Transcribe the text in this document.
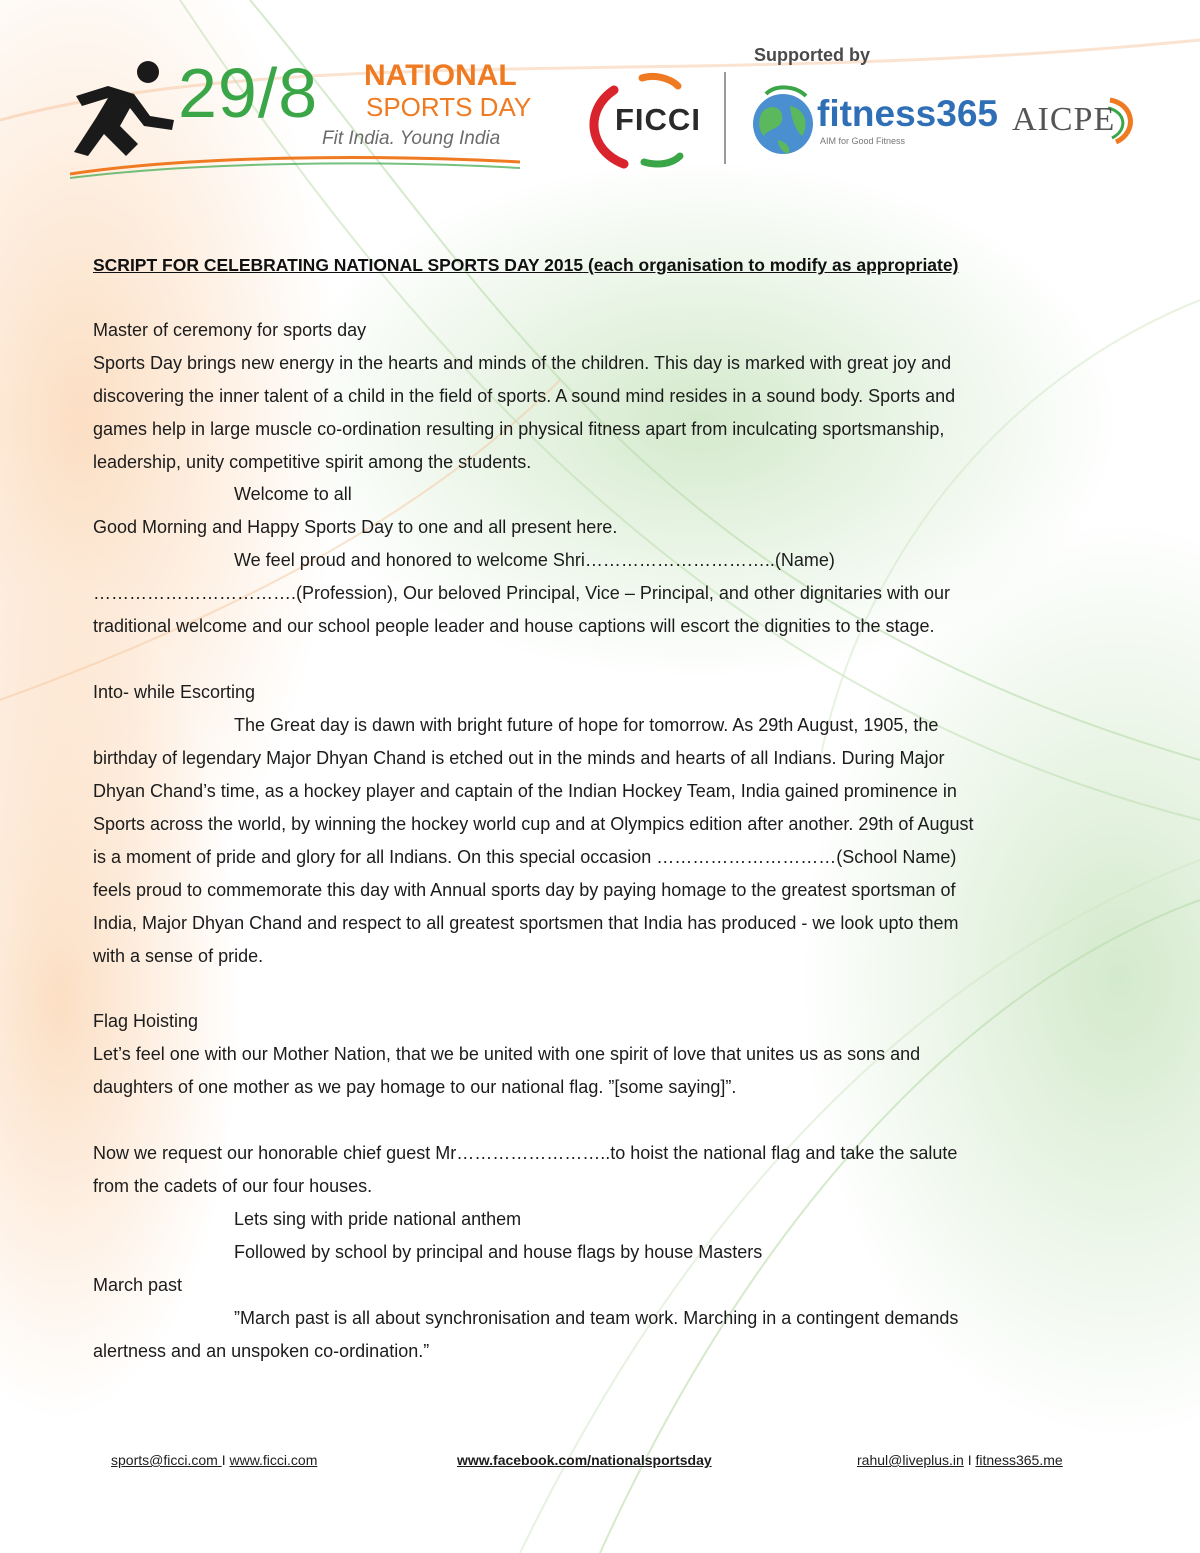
29/8 NATIONAL
SPORTS DAY
Fit India. Young India
Supported by
FICCI	fitness365
AIM for Good Fitness
AICPE
SCRIPT FOR CELEBRATING NATIONAL SPORTS DAY 2015 (each organisation to modify as appropriate)
Master of ceremony for sports day
Sports Day brings new energy in the hearts and minds of the children. This day is marked with great joy and
discovering the inner talent of a child in the field of sports. A sound mind resides in a sound body. Sports and
games help in large muscle co-ordination resulting in physical fitness apart from inculcating sportsmanship,
leadership, unity competitive spirit among the students.
Welcome to all
Good Morning and Happy Sports Day to one and all present here.
We feel proud and honored to welcome Shri…………………………..(Name)
…………………………….(Profession), Our beloved Principal, Vice – Principal, and other dignitaries with our
traditional welcome and our school people leader and house captions will escort the dignities to the stage.
Into- while Escorting
The Great day is dawn with bright future of hope for tomorrow. As 29th August, 1905, the
birthday of legendary Major Dhyan Chand is etched out in the minds and hearts of all Indians. During Major
Dhyan Chand’s time, as a hockey player and captain of the Indian Hockey Team, India gained prominence in
Sports across the world, by winning the hockey world cup and at Olympics edition after another. 29th of August
is a moment of pride and glory for all Indians. On this special occasion …………………………(School Name)
feels proud to commemorate this day with Annual sports day by paying homage to the greatest sportsman of
India, Major Dhyan Chand and respect to all greatest sportsmen that India has produced - we look upto them
with a sense of pride.
Flag Hoisting
Let’s feel one with our Mother Nation, that we be united with one spirit of love that unites us as sons and
daughters of one mother as we pay homage to our national flag. ”[some saying]”.
Now we request our honorable chief guest Mr……………………..to hoist the national flag and take the salute
from the cadets of our four houses.
Lets sing with pride national anthem
Followed by school by principal and house flags by house Masters
March past
”March past is all about synchronisation and team work. Marching in a contingent demands
alertness and an unspoken co-ordination.”
sports@ficci.com I www.ficci.com	www.facebook.com/nationalsportsday	rahul@liveplus.in I fitness365.me
